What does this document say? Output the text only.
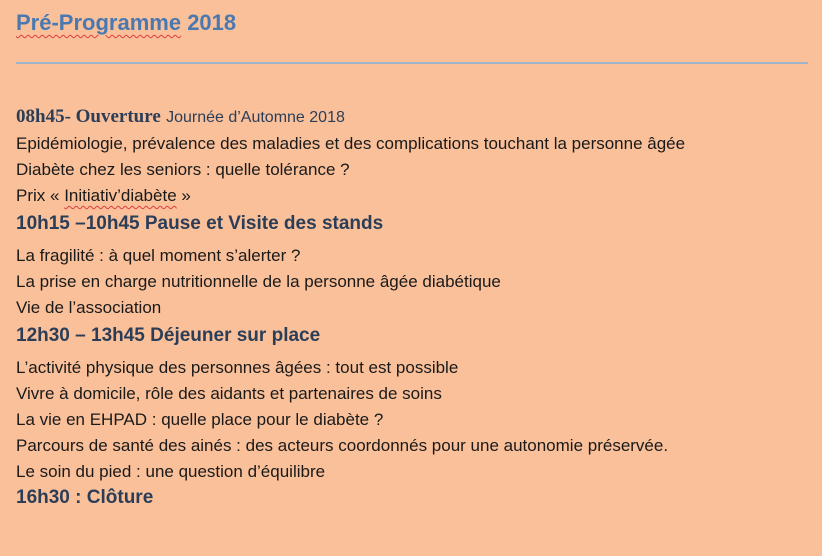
Pré-Programme 2018
08h45- Ouverture Journée d’Automne 2018
Epidémiologie, prévalence des maladies et des complications touchant la personne âgée
Diabète chez les seniors : quelle tolérance ?
Prix « Initiativ’diabète »
10h15 –10h45 Pause et Visite des stands
La fragilité : à quel moment s’alerter ?
La prise en charge nutritionnelle de la personne âgée diabétique
Vie de l’association
12h30 – 13h45 Déjeuner sur place
L’activité physique des personnes âgées : tout est possible
Vivre à domicile, rôle des aidants et partenaires de soins
La vie en EHPAD : quelle place pour le diabète ?
Parcours de santé des ainés : des acteurs coordonnés pour une autonomie préservée.
Le soin du pied : une question d’équilibre
16h30 : Clôture
